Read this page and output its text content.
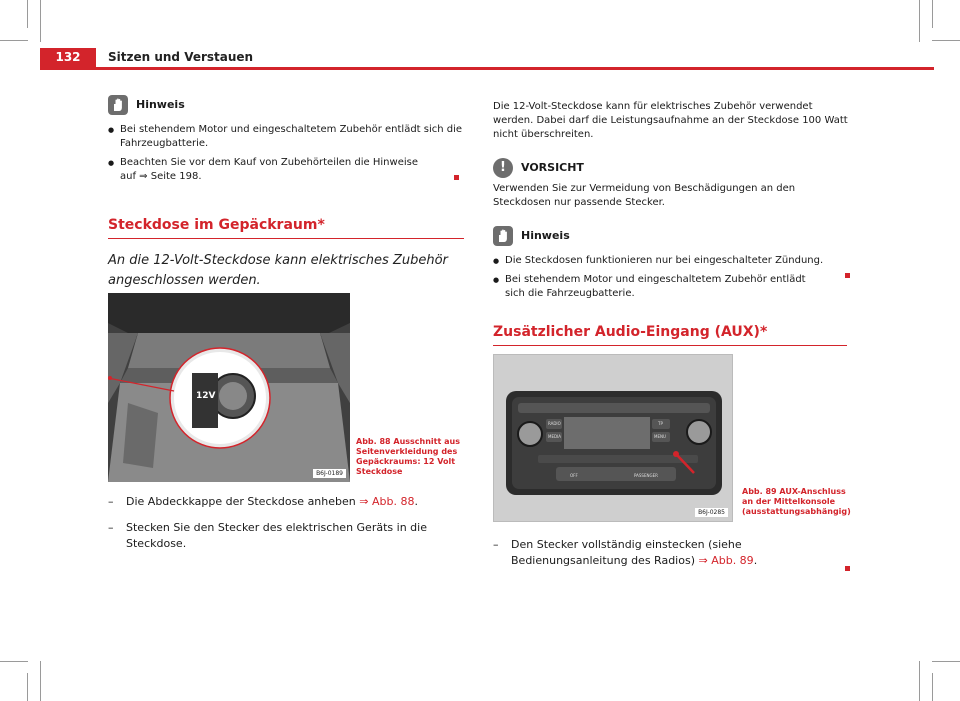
132	Sitzen und Verstauen
Hinweis
● Bei stehendem Motor und eingeschaltetem Zubehör entlädt sich die Fahrzeugbatterie.
● Beachten Sie vor dem Kauf von Zubehörteilen die Hinweise auf ⇒ Seite 198.
Steckdose im Gepäckraum*
An die 12-Volt-Steckdose kann elektrisches Zubehör angeschlossen werden.
12V
B6J-0189
Abb. 88 Ausschnitt aus Seitenverkleidung des Gepäckraums: 12 Volt Steckdose
– Die Abdeckkappe der Steckdose anheben ⇒ Abb. 88.
– Stecken Sie den Stecker des elektrischen Geräts in die Steckdose.
Die 12-Volt-Steckdose kann für elektrisches Zubehör verwendet werden. Dabei darf die Leistungsaufnahme an der Steckdose 100 Watt nicht überschreiten.
!	VORSICHT
Verwenden Sie zur Vermeidung von Beschädigungen an den Steckdosen nur passende Stecker.
Hinweis
● Die Steckdosen funktionieren nur bei eingeschalteter Zündung.
● Bei stehendem Motor und eingeschaltetem Zubehör entlädt sich die Fahrzeugbatterie.
Zusätzlicher Audio-Eingang (AUX)*
RADIO
MEDIA
TP
MENU
OFF	PASSENGER
B6J-0285
Abb. 89 AUX-Anschluss an der Mittelkonsole (ausstattungsabhängig)
– Den Stecker vollständig einstecken (siehe Bedienungsanleitung des Radios) ⇒ Abb. 89.
